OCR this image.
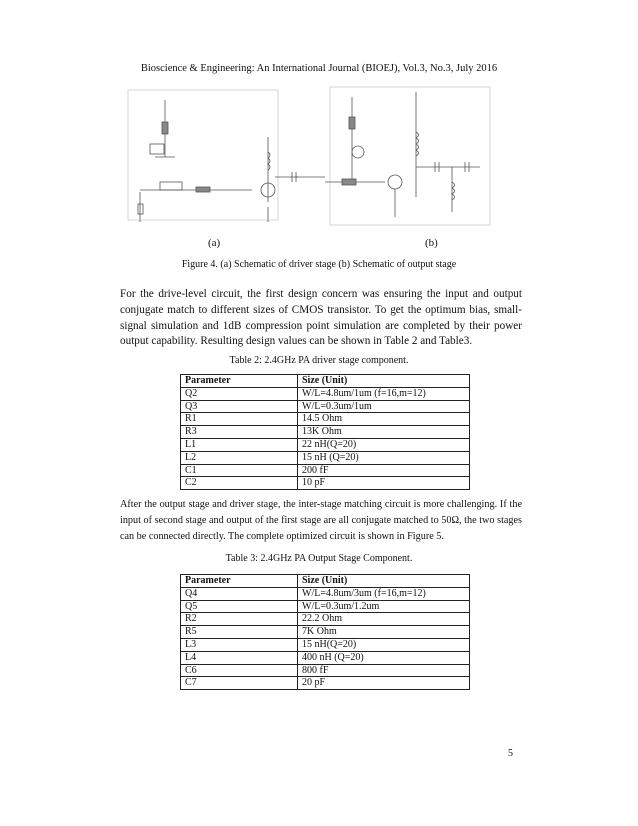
Bioscience & Engineering: An International Journal (BIOEJ), Vol.3, No.3, July 2016
(a)	(b)
Figure 4. (a) Schematic of driver stage (b) Schematic of output stage
For the drive-level circuit, the first design concern was ensuring the input and output conjugate match to different sizes of CMOS transistor. To get the optimum bias, small-signal simulation and 1dB compression point simulation are completed by their power output capability. Resulting design values can be shown in Table 2 and Table3.
Table 2: 2.4GHz PA driver stage component.
Parameter	Size (Unit)
Q2	W/L=4.8um/1um (f=16,m=12)
Q3	W/L=0.3um/1um
R1	14.5 Ohm
R3	13K Ohm
L1	22 nH(Q=20)
L2	15 nH (Q=20)
C1	200 fF
C2	10 pF
After the output stage and driver stage, the inter-stage matching circuit is more challenging. If the input of second stage and output of the first stage are all conjugate matched to 50Ω, the two stages can be connected directly. The complete optimized circuit is shown in Figure 5.
Table 3: 2.4GHz PA Output Stage Component.
Parameter	Size (Unit)
Q4	W/L=4.8um/3um (f=16,m=12)
Q5	W/L=0.3um/1.2um
R2	22.2 Ohm
R5	7K Ohm
L3	15 nH(Q=20)
L4	400 nH (Q=20)
C6	800 fF
C7	20 pF
5
